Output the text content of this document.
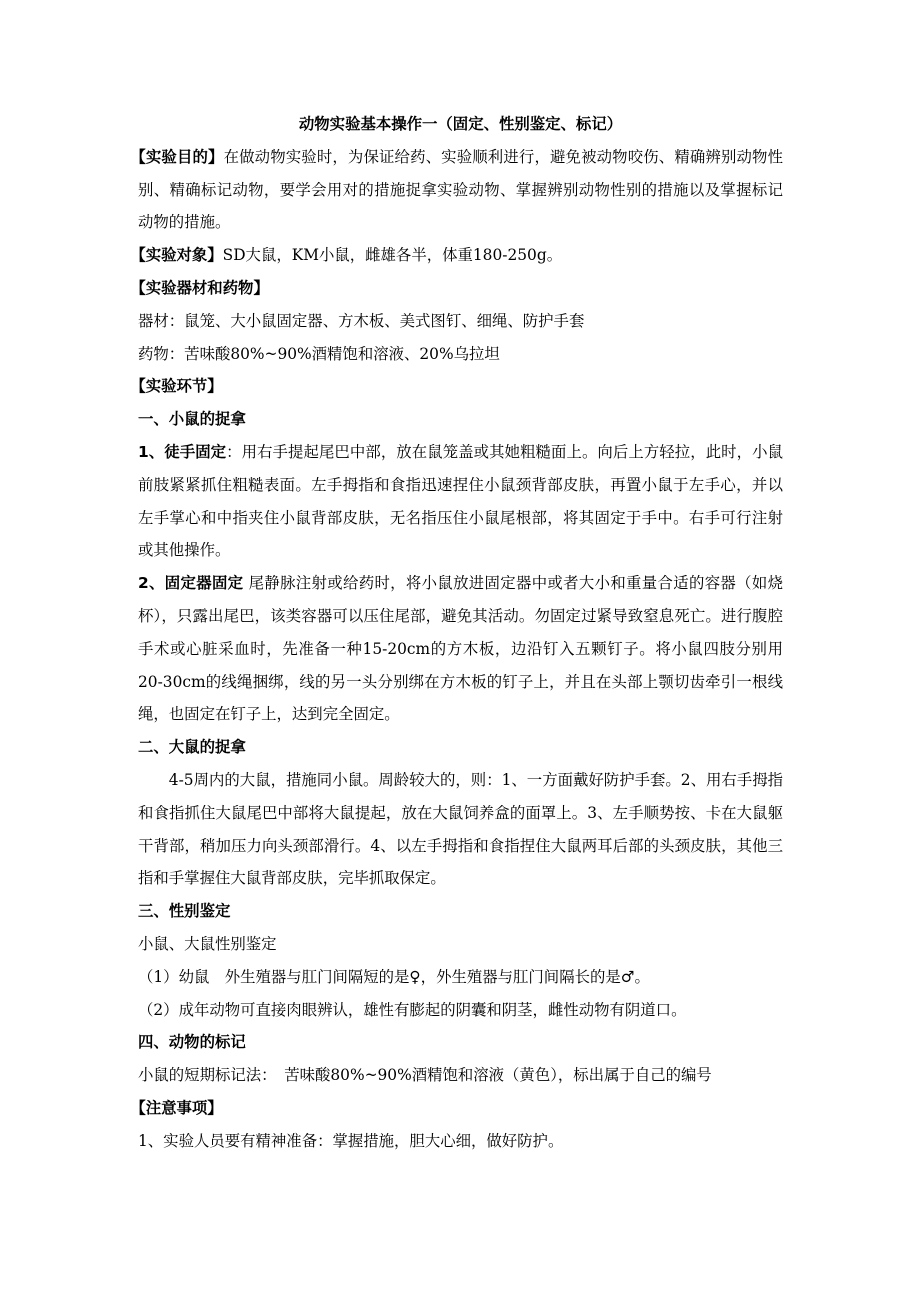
动物实验基本操作一（固定、性别鉴定、标记）

【实验目的】在做动物实验时，为保证给药、实验顺利进行，避免被动物咬伤、精确辨别动物性别、精确标记动物，要学会用对的措施捉拿实验动物、掌握辨别动物性别的措施以及掌握标记动物的措施。

【实验对象】SD大鼠，KM小鼠，雌雄各半，体重180-250g。

【实验器材和药物】

器材：鼠笼、大小鼠固定器、方木板、美式图钉、细绳、防护手套

药物：苦味酸80%~90%酒精饱和溶液、20%乌拉坦

【实验环节】

一、小鼠的捉拿

1、徒手固定：用右手提起尾巴中部，放在鼠笼盖或其她粗糙面上。向后上方轻拉，此时，小鼠前肢紧紧抓住粗糙表面。左手拇指和食指迅速捏住小鼠颈背部皮肤，再置小鼠于左手心，并以左手掌心和中指夹住小鼠背部皮肤，无名指压住小鼠尾根部，将其固定于手中。右手可行注射或其他操作。

2、固定器固定 尾静脉注射或给药时，将小鼠放进固定器中或者大小和重量合适的容器（如烧杯），只露出尾巴，该类容器可以压住尾部，避免其活动。勿固定过紧导致窒息死亡。进行腹腔手术或心脏采血时，先准备一种15-20cm的方木板，边沿钉入五颗钉子。将小鼠四肢分别用20-30cm的线绳捆绑，线的另一头分别绑在方木板的钉子上，并且在头部上颚切齿牵引一根线绳，也固定在钉子上，达到完全固定。

二、大鼠的捉拿

4-5周内的大鼠，措施同小鼠。周龄较大的，则：1、一方面戴好防护手套。2、用右手拇指和食指抓住大鼠尾巴中部将大鼠提起，放在大鼠饲养盒的面罩上。3、左手顺势按、卡在大鼠躯干背部，稍加压力向头颈部滑行。4、以左手拇指和食指捏住大鼠两耳后部的头颈皮肤，其他三指和手掌握住大鼠背部皮肤，完毕抓取保定。

三、性别鉴定

小鼠、大鼠性别鉴定

（1）幼鼠　外生殖器与肛门间隔短的是♀，外生殖器与肛门间隔长的是♂。

（2）成年动物可直接肉眼辨认，雄性有膨起的阴囊和阴茎，雌性动物有阴道口。

四、动物的标记

小鼠的短期标记法：　苦味酸80%~90%酒精饱和溶液（黄色），标出属于自己的编号

【注意事项】

1、实验人员要有精神准备：掌握措施，胆大心细，做好防护。
